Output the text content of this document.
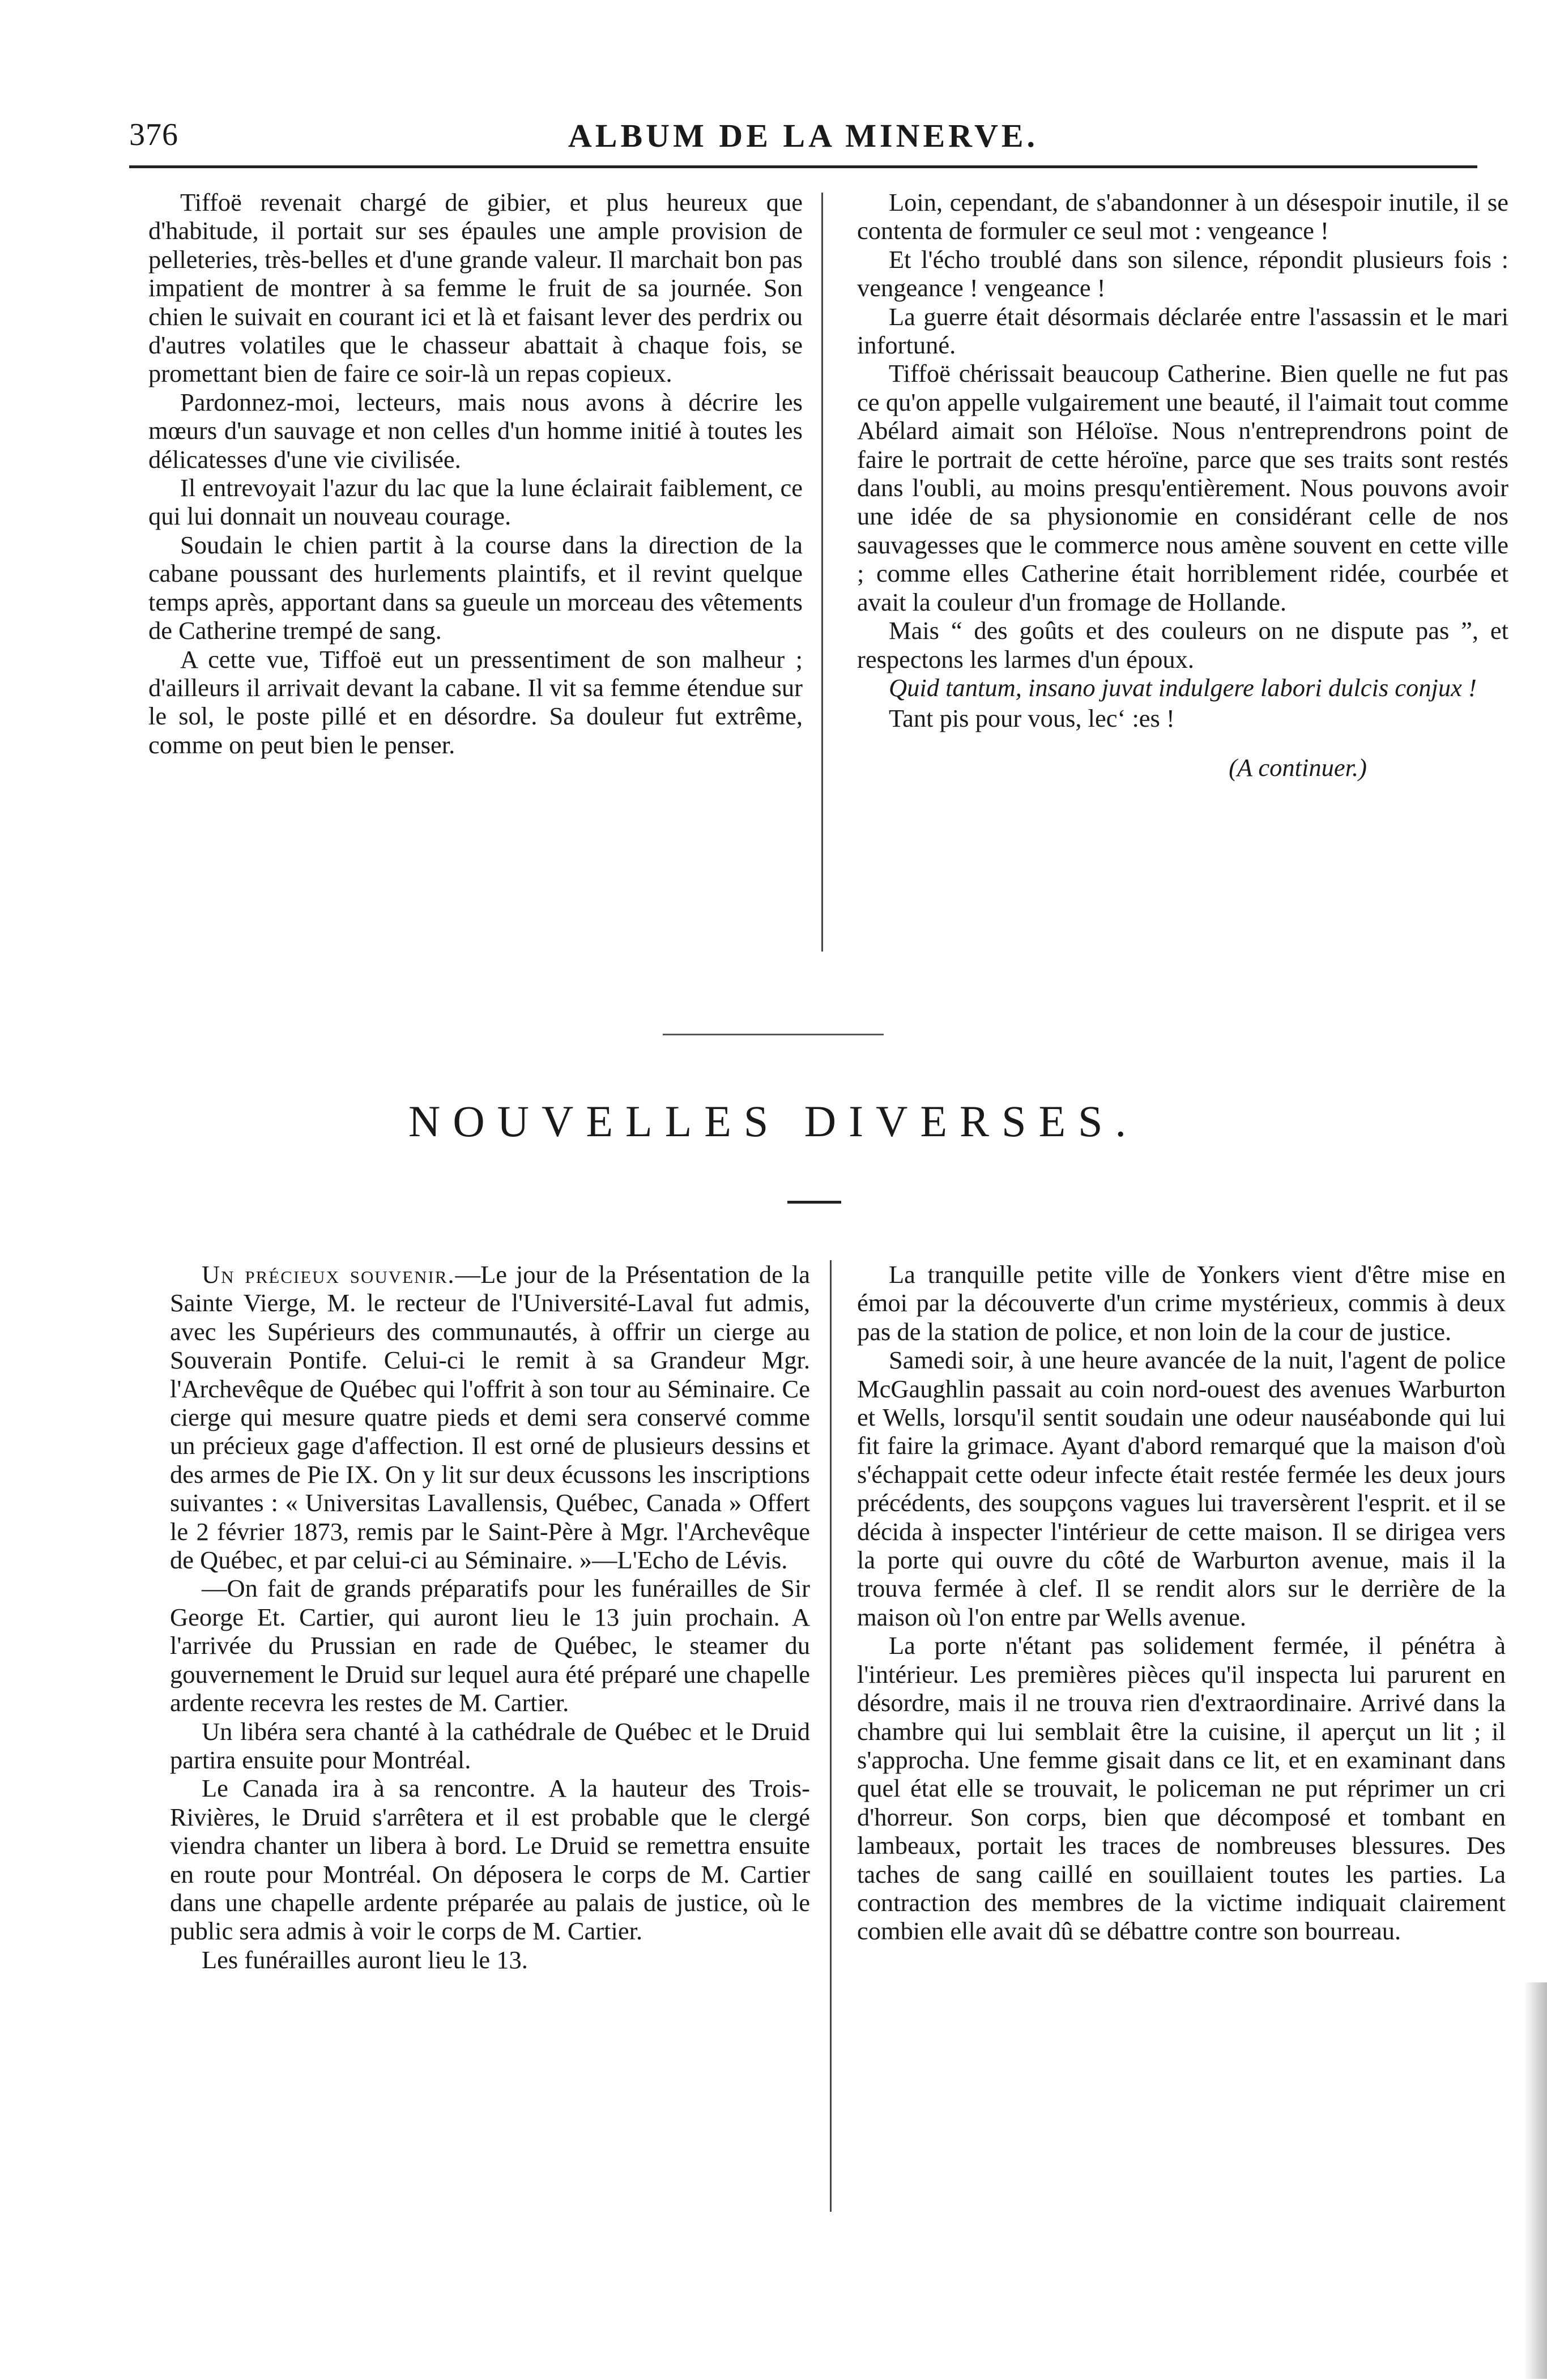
376	ALBUM DE LA MINERVE.

Tiffoë revenait chargé de gibier, et plus heureux que d'habitude, il portait sur ses épaules une ample provision de pelleteries, très-belles et d'une grande valeur. Il marchait bon pas impatient de montrer à sa femme le fruit de sa journée. Son chien le suivait en courant ici et là et faisant lever des perdrix ou d'autres volatiles que le chasseur abattait à chaque fois, se promettant bien de faire ce soir-là un repas copieux.

Pardonnez-moi, lecteurs, mais nous avons à décrire les mœurs d'un sauvage et non celles d'un homme initié à toutes les délicatesses d'une vie civilisée.

Il entrevoyait l'azur du lac que la lune éclairait faiblement, ce qui lui donnait un nouveau courage.

Soudain le chien partit à la course dans la direction de la cabane poussant des hurlements plaintifs, et il revint quelque temps après, apportant dans sa gueule un morceau des vêtements de Catherine trempé de sang.

A cette vue, Tiffoë eut un pressentiment de son malheur ; d'ailleurs il arrivait devant la cabane. Il vit sa femme étendue sur le sol, le poste pillé et en désordre. Sa douleur fut extrême, comme on peut bien le penser.

Loin, cependant, de s'abandonner à un désespoir inutile, il se contenta de formuler ce seul mot : vengeance !

Et l'écho troublé dans son silence, répondit plusieurs fois : vengeance ! vengeance !

La guerre était désormais déclarée entre l'assassin et le mari infortuné.

Tiffoë chérissait beaucoup Catherine. Bien quelle ne fut pas ce qu'on appelle vulgairement une beauté, il l'aimait tout comme Abélard aimait son Héloïse. Nous n'entreprendrons point de faire le portrait de cette héroïne, parce que ses traits sont restés dans l'oubli, au moins presqu'entièrement. Nous pouvons avoir une idée de sa physionomie en considérant celle de nos sauvagesses que le commerce nous amène souvent en cette ville ; comme elles Catherine était horriblement ridée, courbée et avait la couleur d'un fromage de Hollande.

Mais “ des goûts et des couleurs on ne dispute pas ”, et respectons les larmes d'un époux.

Quid tantum, insano juvat indulgere labori dulcis conjux !

Tant pis pour vous, lecʻ :es !

(A continuer.)

NOUVELLES DIVERSES.

Un précieux souvenir.—Le jour de la Présentation de la Sainte Vierge, M. le recteur de l'Université-Laval fut admis, avec les Supérieurs des communautés, à offrir un cierge au Souverain Pontife. Celui-ci le remit à sa Grandeur Mgr. l'Archevêque de Québec qui l'offrit à son tour au Séminaire. Ce cierge qui mesure quatre pieds et demi sera conservé comme un précieux gage d'affection. Il est orné de plusieurs dessins et des armes de Pie IX. On y lit sur deux écussons les inscriptions suivantes : « Universitas Lavallensis, Québec, Canada » Offert le 2 février 1873, remis par le Saint-Père à Mgr. l'Archevêque de Québec, et par celui-ci au Séminaire. »—L'Echo de Lévis.

—On fait de grands préparatifs pour les funérailles de Sir George Et. Cartier, qui auront lieu le 13 juin prochain. A l'arrivée du Prussian en rade de Québec, le steamer du gouvernement le Druid sur lequel aura été préparé une chapelle ardente recevra les restes de M. Cartier.

Un libéra sera chanté à la cathédrale de Québec et le Druid partira ensuite pour Montréal.

Le Canada ira à sa rencontre. A la hauteur des Trois-Rivières, le Druid s'arrêtera et il est probable que le clergé viendra chanter un libera à bord. Le Druid se remettra ensuite en route pour Montréal. On déposera le corps de M. Cartier dans une chapelle ardente préparée au palais de justice, où le public sera admis à voir le corps de M. Cartier.

Les funérailles auront lieu le 13.

La tranquille petite ville de Yonkers vient d'être mise en émoi par la découverte d'un crime mystérieux, commis à deux pas de la station de police, et non loin de la cour de justice.

Samedi soir, à une heure avancée de la nuit, l'agent de police McGaughlin passait au coin nord-ouest des avenues Warburton et Wells, lorsqu'il sentit soudain une odeur nauséabonde qui lui fit faire la grimace. Ayant d'abord remarqué que la maison d'où s'échappait cette odeur infecte était restée fermée les deux jours précédents, des soupçons vagues lui traversèrent l'esprit. et il se décida à inspecter l'intérieur de cette maison. Il se dirigea vers la porte qui ouvre du côté de Warburton avenue, mais il la trouva fermée à clef. Il se rendit alors sur le derrière de la maison où l'on entre par Wells avenue.

La porte n'étant pas solidement fermée, il pénétra à l'intérieur. Les premières pièces qu'il inspecta lui parurent en désordre, mais il ne trouva rien d'extraordinaire. Arrivé dans la chambre qui lui semblait être la cuisine, il aperçut un lit ; il s'approcha. Une femme gisait dans ce lit, et en examinant dans quel état elle se trouvait, le policeman ne put réprimer un cri d'horreur. Son corps, bien que décomposé et tombant en lambeaux, portait les traces de nombreuses blessures. Des taches de sang caillé en souillaient toutes les parties. La contraction des membres de la victime indiquait clairement combien elle avait dû se débattre contre son bourreau.
